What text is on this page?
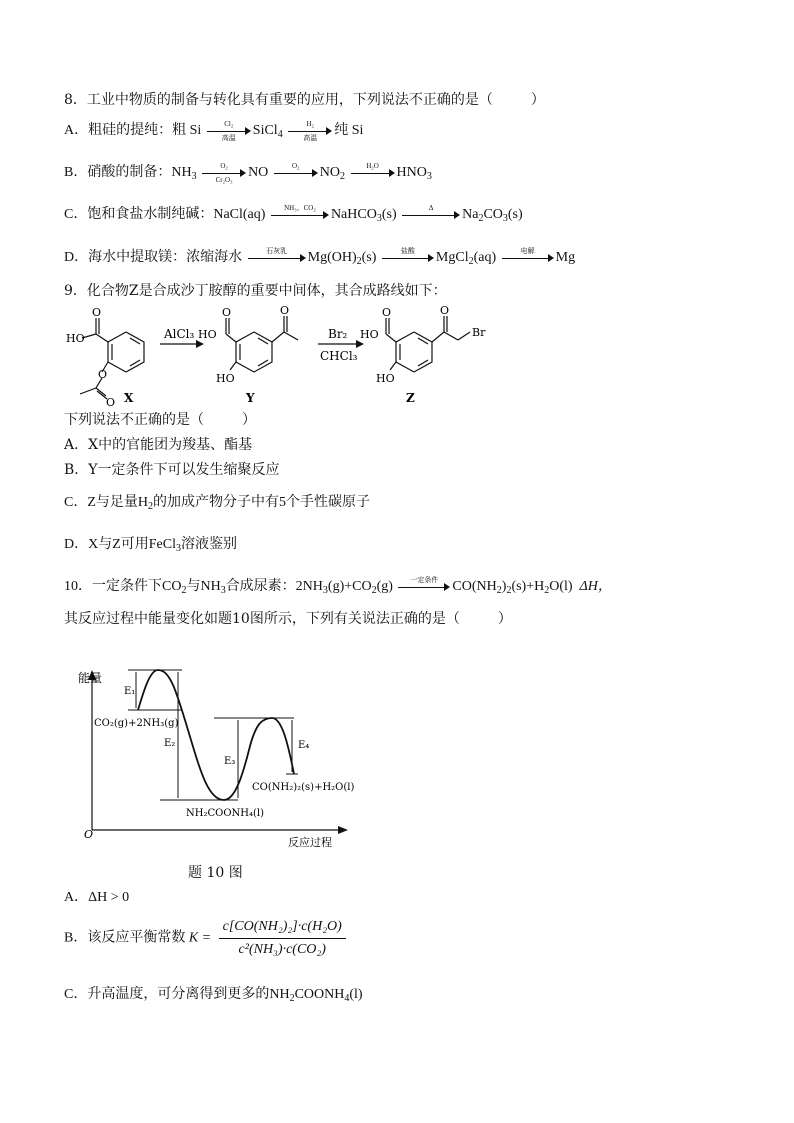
8．工业中物质的制备与转化具有重要的应用，下列说法不正确的是（	）
A．粗硅的提纯：粗 Si	Cl₂
高温	SiCl$_4$
H₂
高温	纯 Si
B．硝酸的制备：$NH_3 \frac{\text{O₂}}{\text{Cr₂O₃}}$ NO	O₂	$NO_2$
H₂O	$HNO_3$
C．饱和食盐水制纯碱：NaCl(aq)	NH₃、CO₂	NaHCO$_3$(s)	Δ	$Na_2CO_3(s)$
D．海水中提取镁：浓缩海水	石灰乳	$Mg(OH)_2(s)$	盐酸	MgCl$_2$(aq)	电解	Mg
9．化合物Z是合成沙丁胺醇的重要中间体，其合成路线如下：
O
HO
O
O
AlCl₃
O
HO
HO
O
Br₂
CHCl₃
O
HO
HO
O
Br
X	Y	Z
下列说法不正确的是（	）
A．X中的官能团为羧基、酯基
B．Y一定条件下可以发生缩聚反应
C．Z与足量$H_2$的加成产物分子中有5个手性碳原子
D．X与Z可用FeCl$_3$溶液鉴别
10．一定条件下$CO_2$与$NH_3$合成尿素：$2NH_3(g)+CO_2(g)$	一定条件	$CO(NH_2)_2(s)+H_2O(l)$ ΔH，
其反应过程中能量变化如题10图所示，下列有关说法正确的是（	）
能量
反应过程
O
E₁
E₂
E₃
E₄
CO₂(g)+2NH₃(g)
NH₂COONH₄(l)
CO(NH₂)₂(s)+H₂O(l)
题 10 图
A．ΔH > 0
B．该反应平衡常数 $K = \frac{\text{c[CO(NH₂)₂]·c(H₂O)}}{\text{c²(NH₃)·c(CO₂)}}$
C．升高温度，可分离得到更多的$NH_2COONH_4(l)$
